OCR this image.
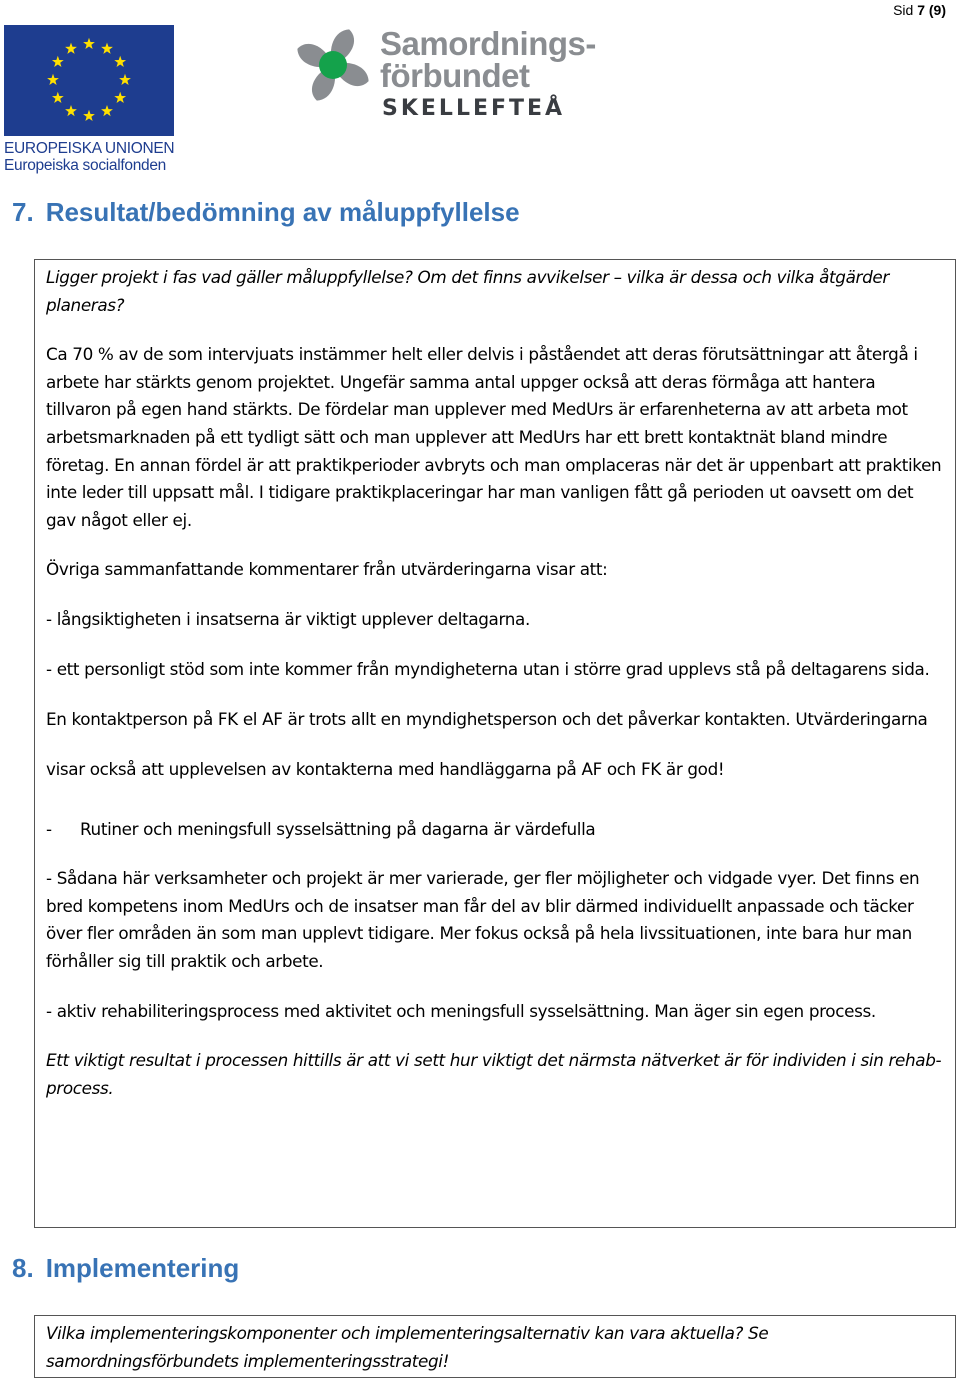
Sid 7 (9)
EUROPEISKA UNIONEN
Europeiska socialfonden
Samordnings-
förbundet
SKELLEFTEÅ
7. Resultat/bedömning av måluppfyllelse

Ligger projekt i fas vad gäller måluppfyllelse? Om det finns avvikelser – vilka är dessa och vilka åtgärder planeras?

Ca 70 % av de som intervjuats instämmer helt eller delvis i påståendet att deras förutsättningar att återgå i arbete har stärkts genom projektet. Ungefär samma antal uppger också att deras förmåga att hantera tillvaron på egen hand stärkts. De fördelar man upplever med MedUrs är erfarenheterna av att arbeta mot arbetsmarknaden på ett tydligt sätt och man upplever att MedUrs har ett brett kontaktnät bland mindre företag. En annan fördel är att praktikperioder avbryts och man omplaceras när det är uppenbart att praktiken inte leder till uppsatt mål. I tidigare praktikplaceringar har man vanligen fått gå perioden ut oavsett om det gav något eller ej.

Övriga sammanfattande kommentarer från utvärderingarna visar att:

- långsiktigheten i insatserna är viktigt upplever deltagarna.

- ett personligt stöd som inte kommer från myndigheterna utan i större grad upplevs stå på deltagarens sida. En kontaktperson på FK el AF är trots allt en myndighetsperson och det påverkar kontakten. Utvärderingarna visar också att upplevelsen av kontakterna med handläggarna på AF och FK är god!

-	Rutiner och meningsfull sysselsättning på dagarna är värdefulla

- Sådana här verksamheter och projekt är mer varierade, ger fler möjligheter och vidgade vyer. Det finns en bred kompetens inom MedUrs och de insatser man får del av blir därmed individuellt anpassade och täcker över fler områden än som man upplevt tidigare. Mer fokus också på hela livssituationen, inte bara hur man förhåller sig till praktik och arbete.

- aktiv rehabiliteringsprocess med aktivitet och meningsfull sysselsättning. Man äger sin egen process.

Ett viktigt resultat i processen hittills är att vi sett hur viktigt det närmsta nätverket är för individen i sin rehab-process.

8. Implementering

Vilka implementeringskomponenter och implementeringsalternativ kan vara aktuella? Se samordningsförbundets implementeringsstrategi!
